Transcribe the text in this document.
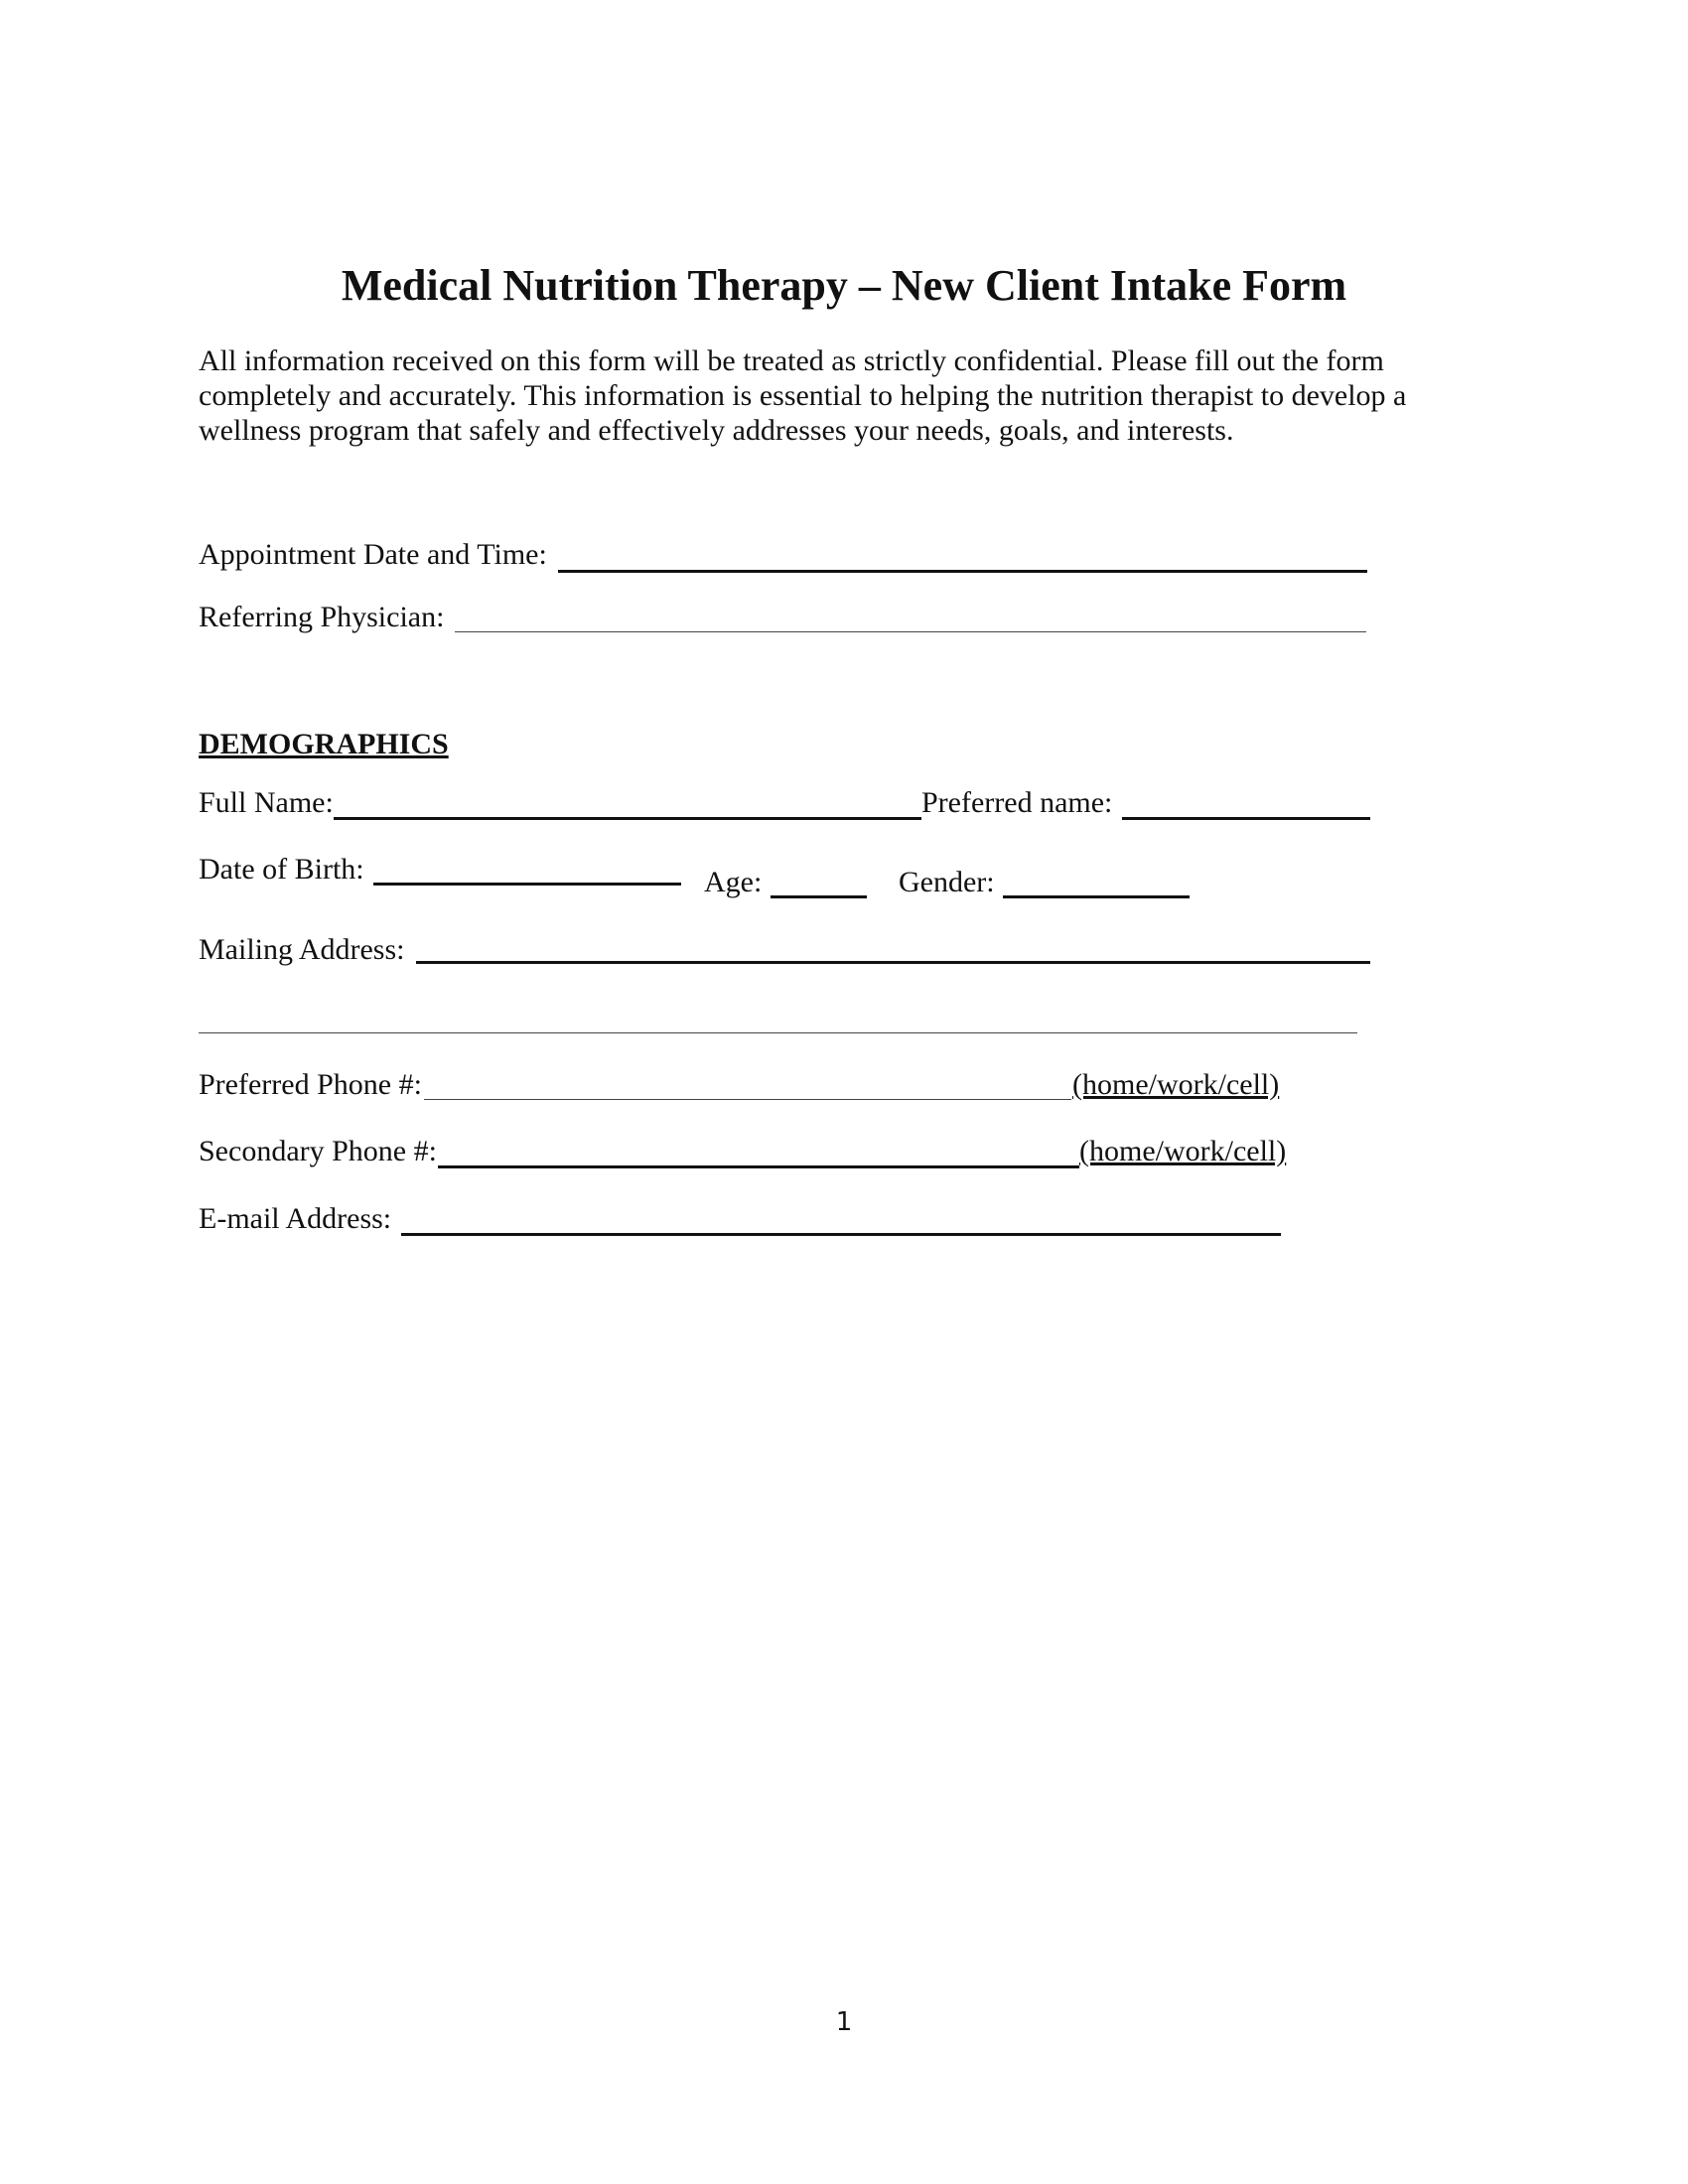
Medical Nutrition Therapy – New Client Intake Form
All information received on this form will be treated as strictly confidential. Please fill out the form completely and accurately. This information is essential to helping the nutrition therapist to develop a wellness program that safely and effectively addresses your needs, goals, and interests.
Appointment Date and Time:
Referring Physician:
DEMOGRAPHICS
Full Name:	Preferred name:
Date of Birth:	Age:	Gender:
Mailing Address:
Preferred Phone #:	(home/work/cell)
Secondary Phone #:	(home/work/cell)
E-mail Address:
1
